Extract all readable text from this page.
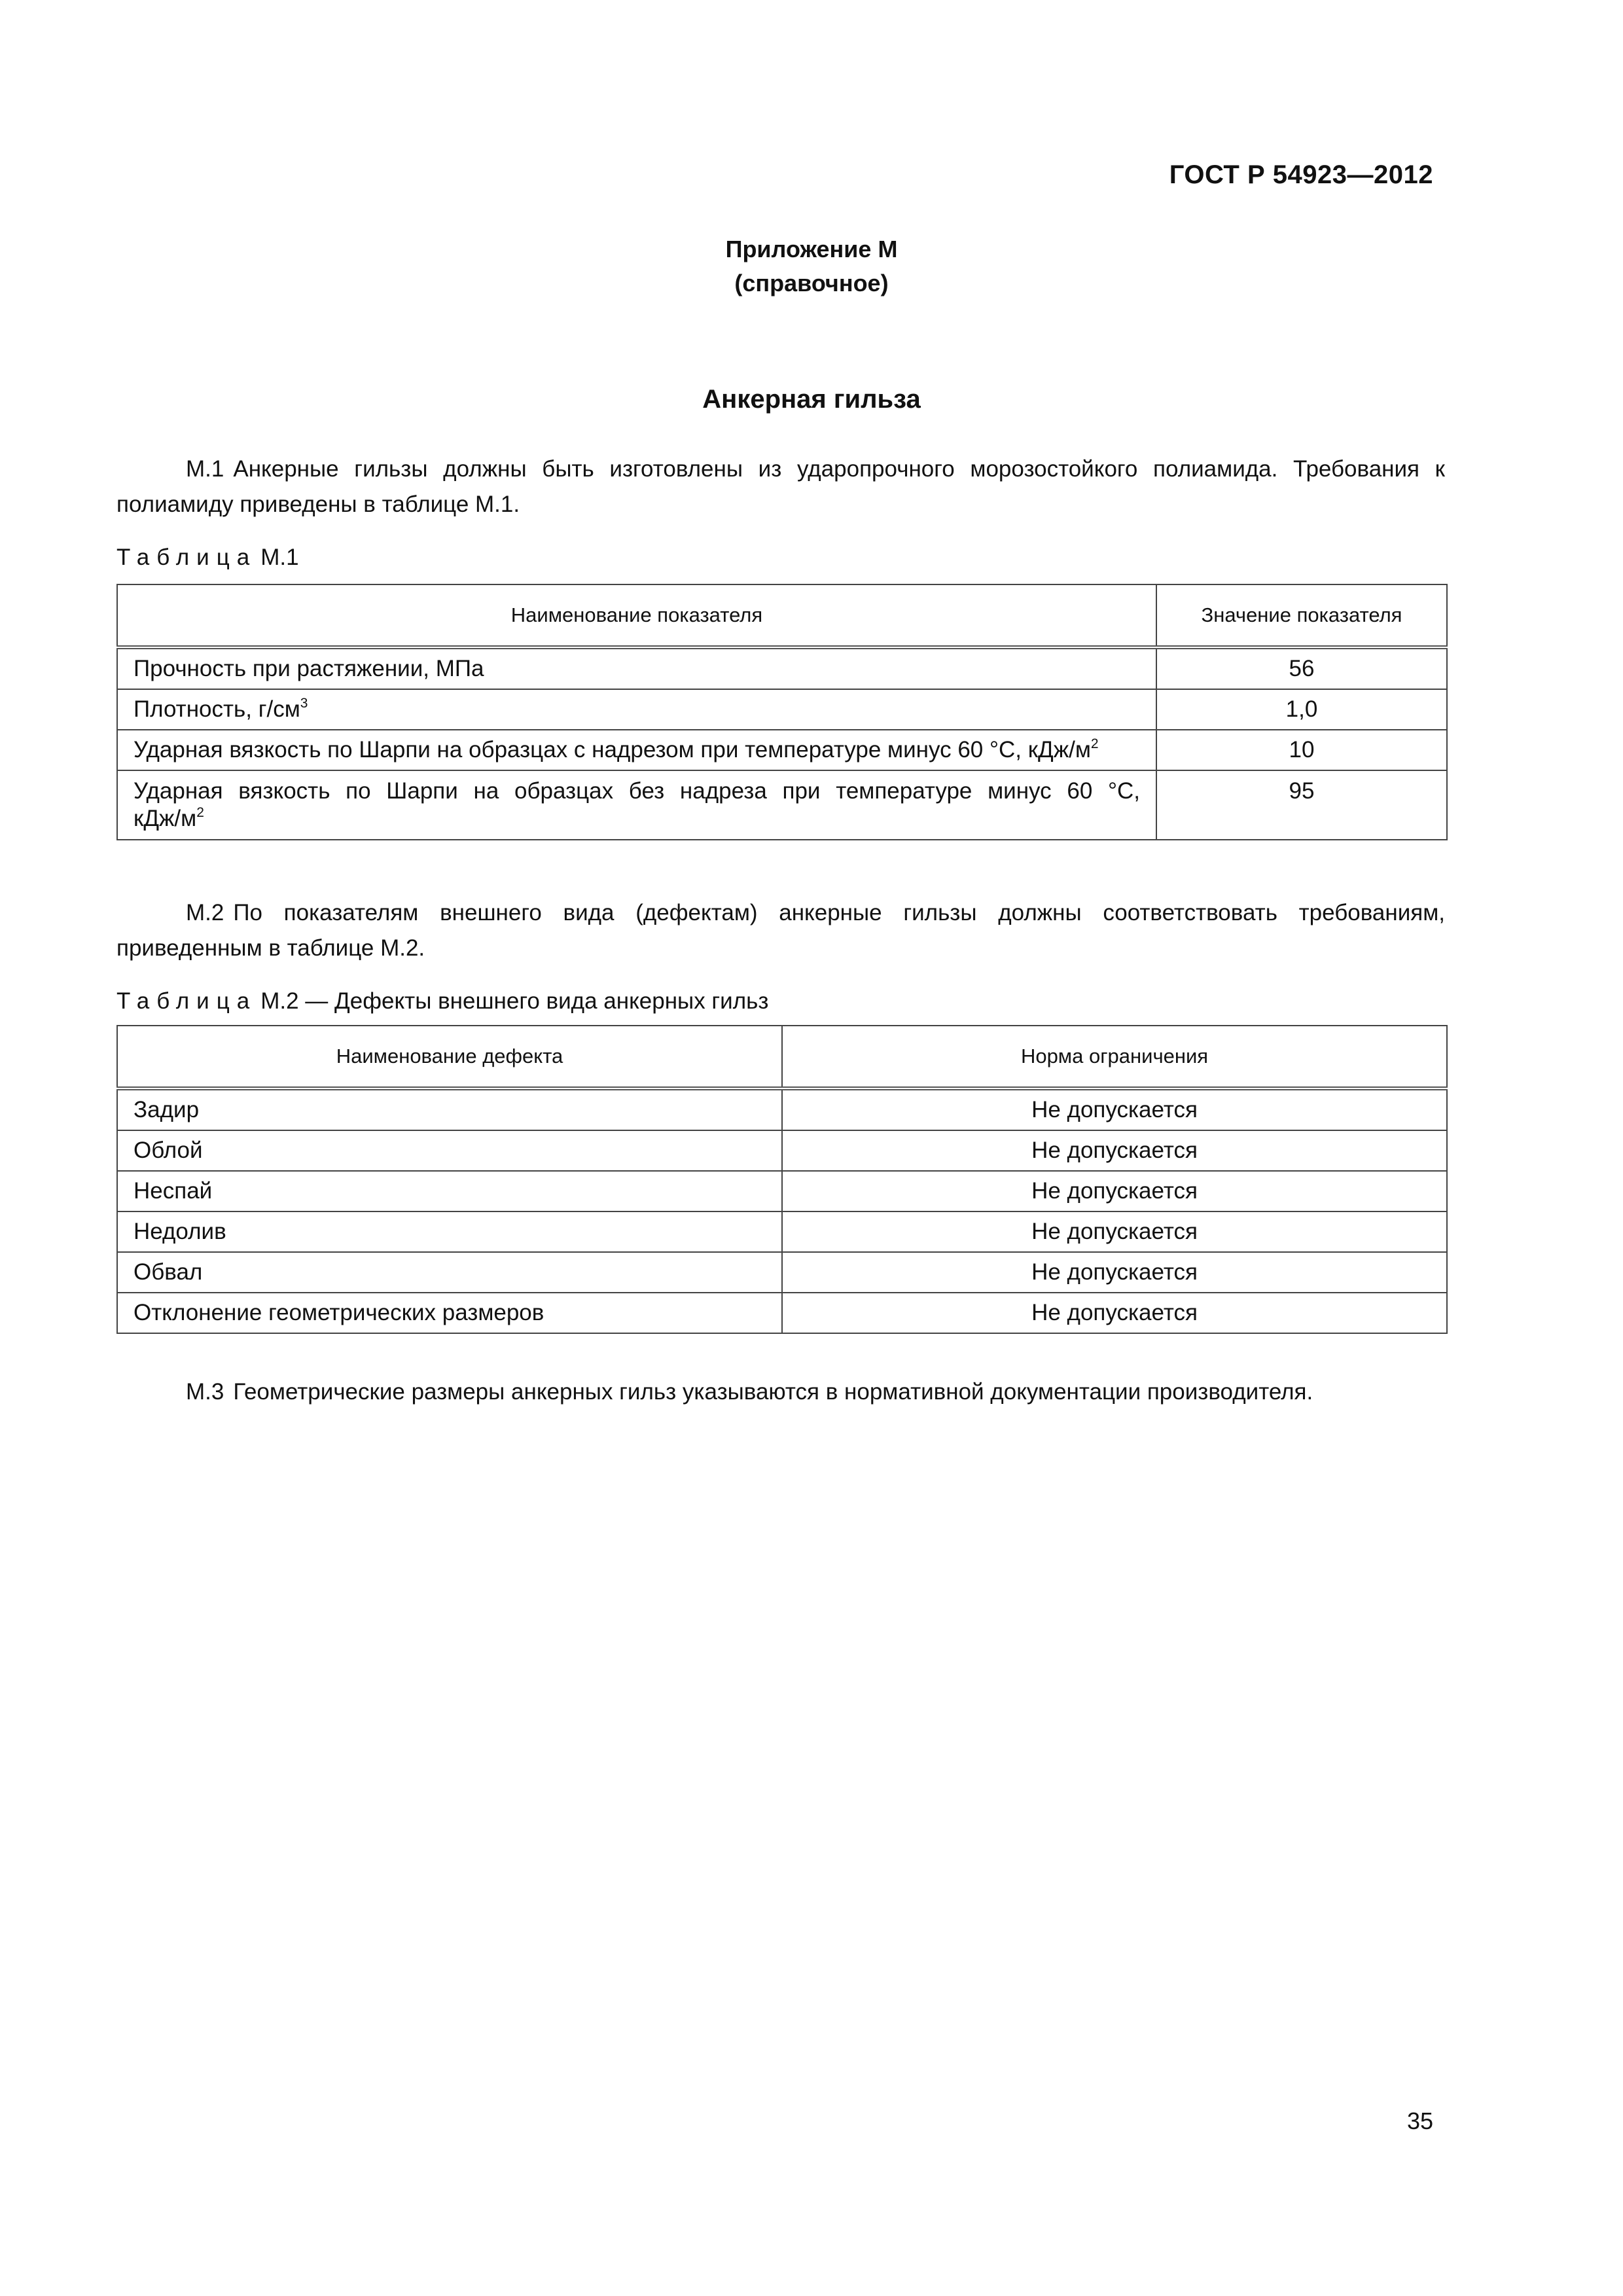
ГОСТ Р 54923—2012
Приложение М
(справочное)
Анкерная гильза
М.1 Анкерные гильзы должны быть изготовлены из ударопрочного морозостойкого полиамида. Требования к полиамиду приведены в таблице М.1.
Таблица М.1
Наименование показателя	Значение показателя
Прочность при растяжении, МПа	56
Плотность, $г/см^3$	1,0
Ударная вязкость по Шарпи на образцах с надрезом при температуре минус 60 °С, кДж/$м^2$	10

Ударная вязкость по Шарпи на образцах без надреза при температуре минус 60 °С,
кДж/$м^2$	95
М.2 По показателям внешнего вида (дефектам) анкерные гильзы должны соответствовать требованиям, приведенным в таблице М.2.
Таблица М.2 — Дефекты внешнего вида анкерных гильз
Наименование дефекта	Норма ограничения
Задир	Не допускается
Облой	Не допускается
Неспай	Не допускается
Недолив	Не допускается
Обвал	Не допускается
Отклонение геометрических размеров	Не допускается
М.3 Геометрические размеры анкерных гильз указываются в нормативной документации производителя.
35
